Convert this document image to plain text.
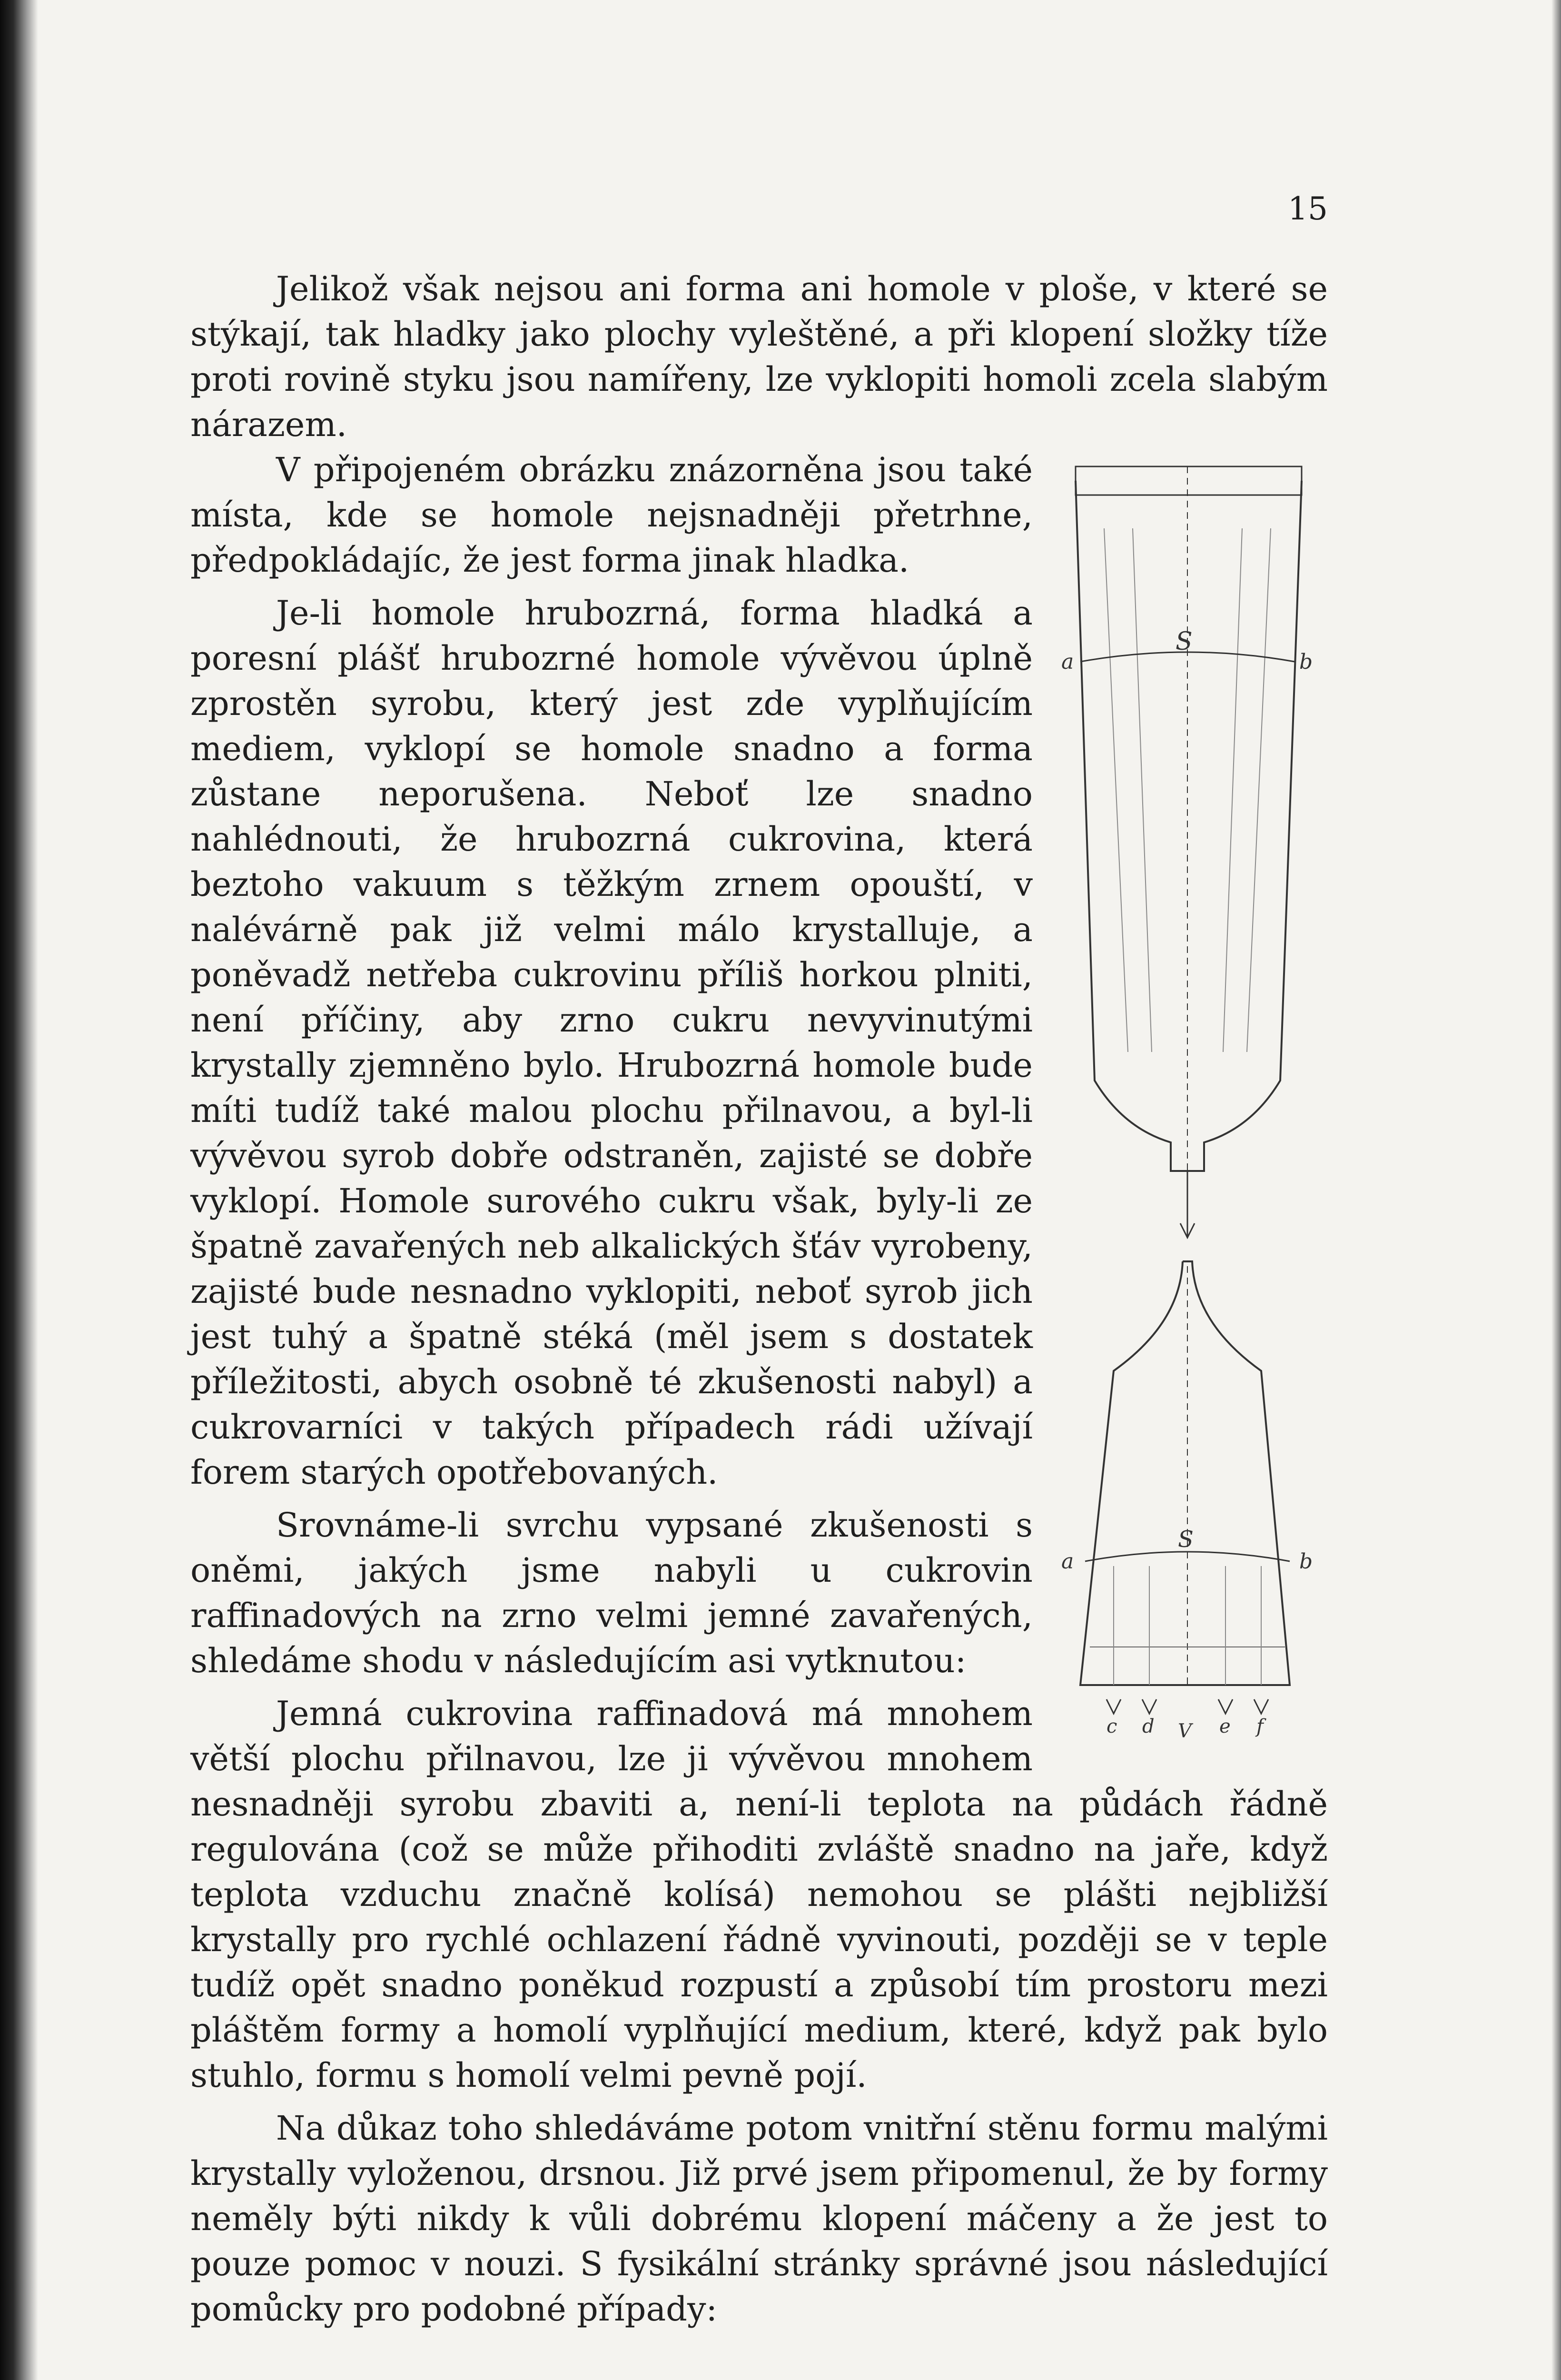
15

Jelikož však nejsou ani forma ani homole v ploše, v které se stýkají, tak hladky jako plochy vyleštěné, a při klopení složky tíže proti rovině styku jsou namířeny, lze vyklopiti homoli zcela slabým nárazem.

a
S
b
a
S
b
c d	e f
V

V připojeném obrázku znázorněna jsou také místa, kde se homole nejsnadněji přetrhne, předpokládajíc, že jest forma jinak hladka.

Je-li homole hrubozrná, forma hladká a poresní plášť hrubozrné homole vývěvou úplně zprostěn syrobu, který jest zde vyplňujícím mediem, vyklopí se homole snadno a forma zůstane neporušena. Neboť lze snadno nahlédnouti, že hrubozrná cukrovina, která beztoho vakuum s těžkým zrnem opouští, v nalévárně pak již velmi málo krystalluje, a poněvadž netřeba cukrovinu příliš horkou plniti, není příčiny, aby zrno cukru nevyvinutými krystally zjemněno bylo. Hrubozrná homole bude míti tudíž také malou plochu přilnavou, a byl-li vývěvou syrob dobře odstraněn, zajisté se dobře vyklopí. Homole surového cukru však, byly-li ze špatně zavařených neb alkalických šťáv vyrobeny, zajisté bude nesnadno vyklopiti, neboť syrob jich jest tuhý a špatně stéká (měl jsem s dostatek příležitosti, abych osobně té zkušenosti nabyl) a cukrovarníci v takých případech rádi užívají forem starých opotřebovaných.

Srovnáme-li svrchu vypsané zkušenosti s oněmi, jakých jsme nabyli u cukrovin raffinadových na zrno velmi jemné zavařených, shledáme shodu v následujícím asi vytknutou:

Jemná cukrovina raffinadová má mnohem větší plochu přilnavou, lze ji vývěvou mnohem nesnadněji syrobu zbaviti a, není-li teplota na půdách řádně regulována (což se může přihoditi zvláště snadno na jaře, když teplota vzduchu značně kolísá) nemohou se plášti nejbližší krystally pro rychlé ochlazení řádně vyvinouti, později se v teple tudíž opět snadno poněkud rozpustí a způsobí tím prostoru mezi pláštěm formy a homolí vyplňující medium, které, když pak bylo stuhlo, formu s homolí velmi pevně pojí.

Na důkaz toho shledáváme potom vnitřní stěnu formu malými krystally vyloženou, drsnou. Již prvé jsem připomenul, že by formy neměly býti nikdy k vůli dobrému klopení máčeny a že jest to pouze pomoc v nouzi. S fysikální stránky správné jsou následující pomůcky pro podobné případy:
